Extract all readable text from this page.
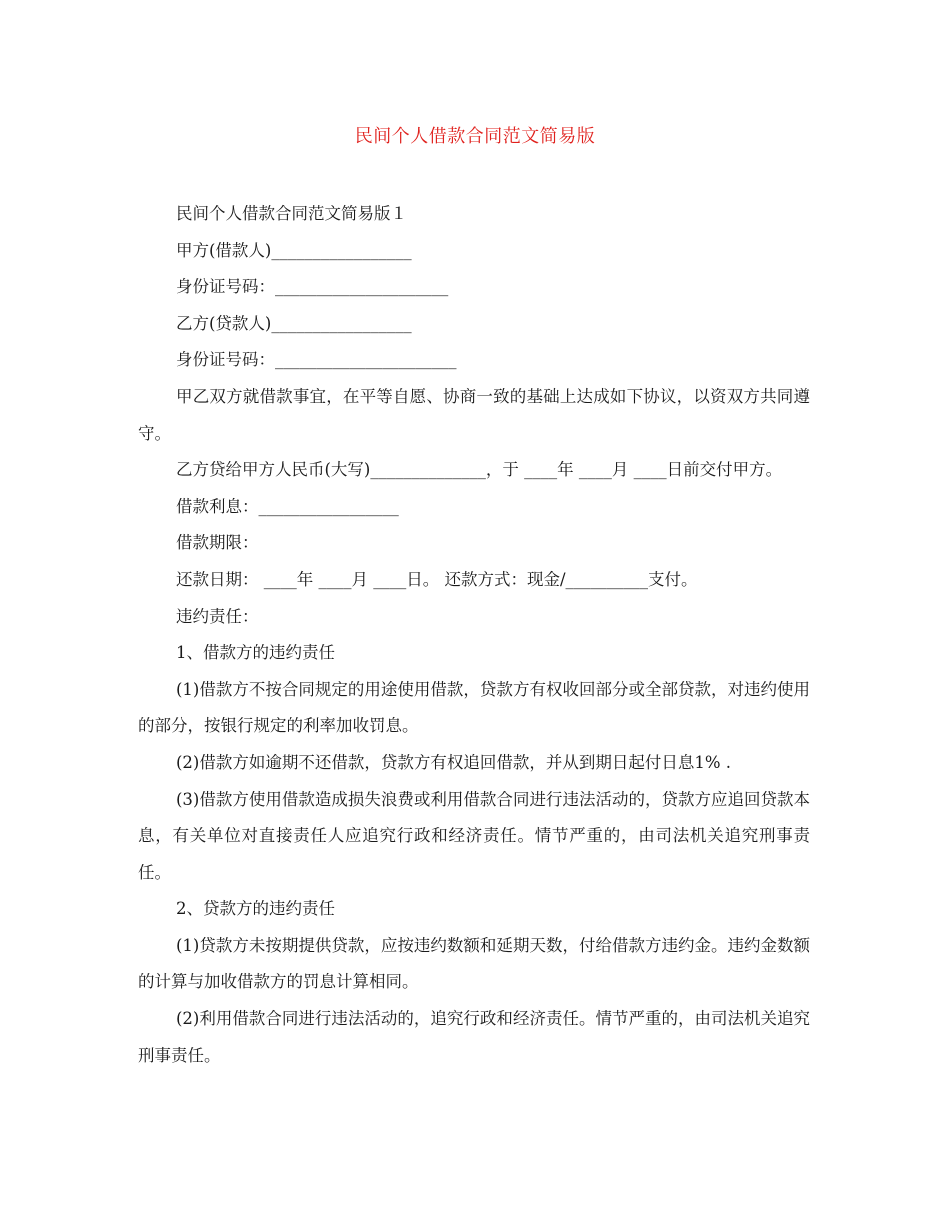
民间个人借款合同范文简易版

民间个人借款合同范文简易版１

甲方(借款人)_________________

身份证号码：_____________________

乙方(贷款人)_________________

身份证号码：______________________

甲乙双方就借款事宜，在平等自愿、协商一致的基础上达成如下协议，以资双方共同遵守。

乙方贷给甲方人民币(大写)______________，于 ____年 ____月 ____日前交付甲方。

借款利息：_________________

借款期限：

还款日期： ____年 ____月 ____日。 还款方式：现金/__________支付。

违约责任：

1、借款方的违约责任

(1)借款方不按合同规定的用途使用借款，贷款方有权收回部分或全部贷款，对违约使用的部分，按银行规定的利率加收罚息。

(2)借款方如逾期不还借款，贷款方有权追回借款，并从到期日起付日息1% .

(3)借款方使用借款造成损失浪费或利用借款合同进行违法活动的，贷款方应追回贷款本息，有关单位对直接责任人应追究行政和经济责任。情节严重的，由司法机关追究刑事责任。

2、贷款方的违约责任

(1)贷款方未按期提供贷款，应按违约数额和延期天数，付给借款方违约金。违约金数额的计算与加收借款方的罚息计算相同。

(2)利用借款合同进行违法活动的，追究行政和经济责任。情节严重的，由司法机关追究刑事责任。
